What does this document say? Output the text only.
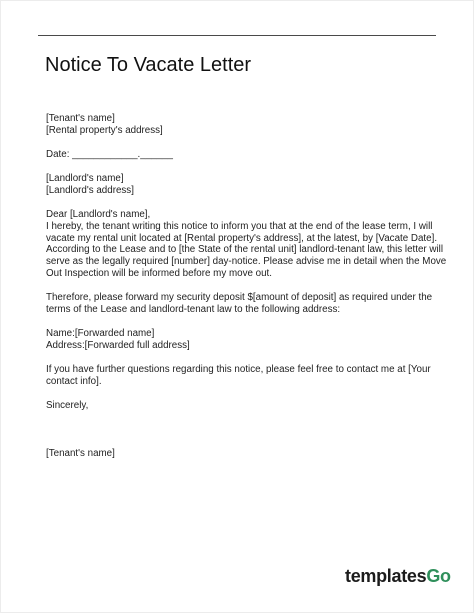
Notice To Vacate Letter
[Tenant's name]
[Rental property's address]
Date: ____________.______
[Landlord's name]
[Landlord's address]
Dear [Landlord's name],
I hereby, the tenant writing this notice to inform you that at the end of the lease term, I will
vacate my rental unit located at [Rental property's address], at the latest, by [Vacate Date].
According to the Lease and to [the State of the rental unit] landlord-tenant law, this letter will
serve as the legally required [number] day-notice. Please advise me in detail when the Move
Out Inspection will be informed before my move out.
Therefore, please forward my security deposit $[amount of deposit] as required under the
terms of the Lease and landlord-tenant law to the following address:
Name:[Forwarded name]
Address:[Forwarded full address]
If you have further questions regarding this notice, please feel free to contact me at [Your
contact info].
Sincerely,
[Tenant's name]
templatesGo
